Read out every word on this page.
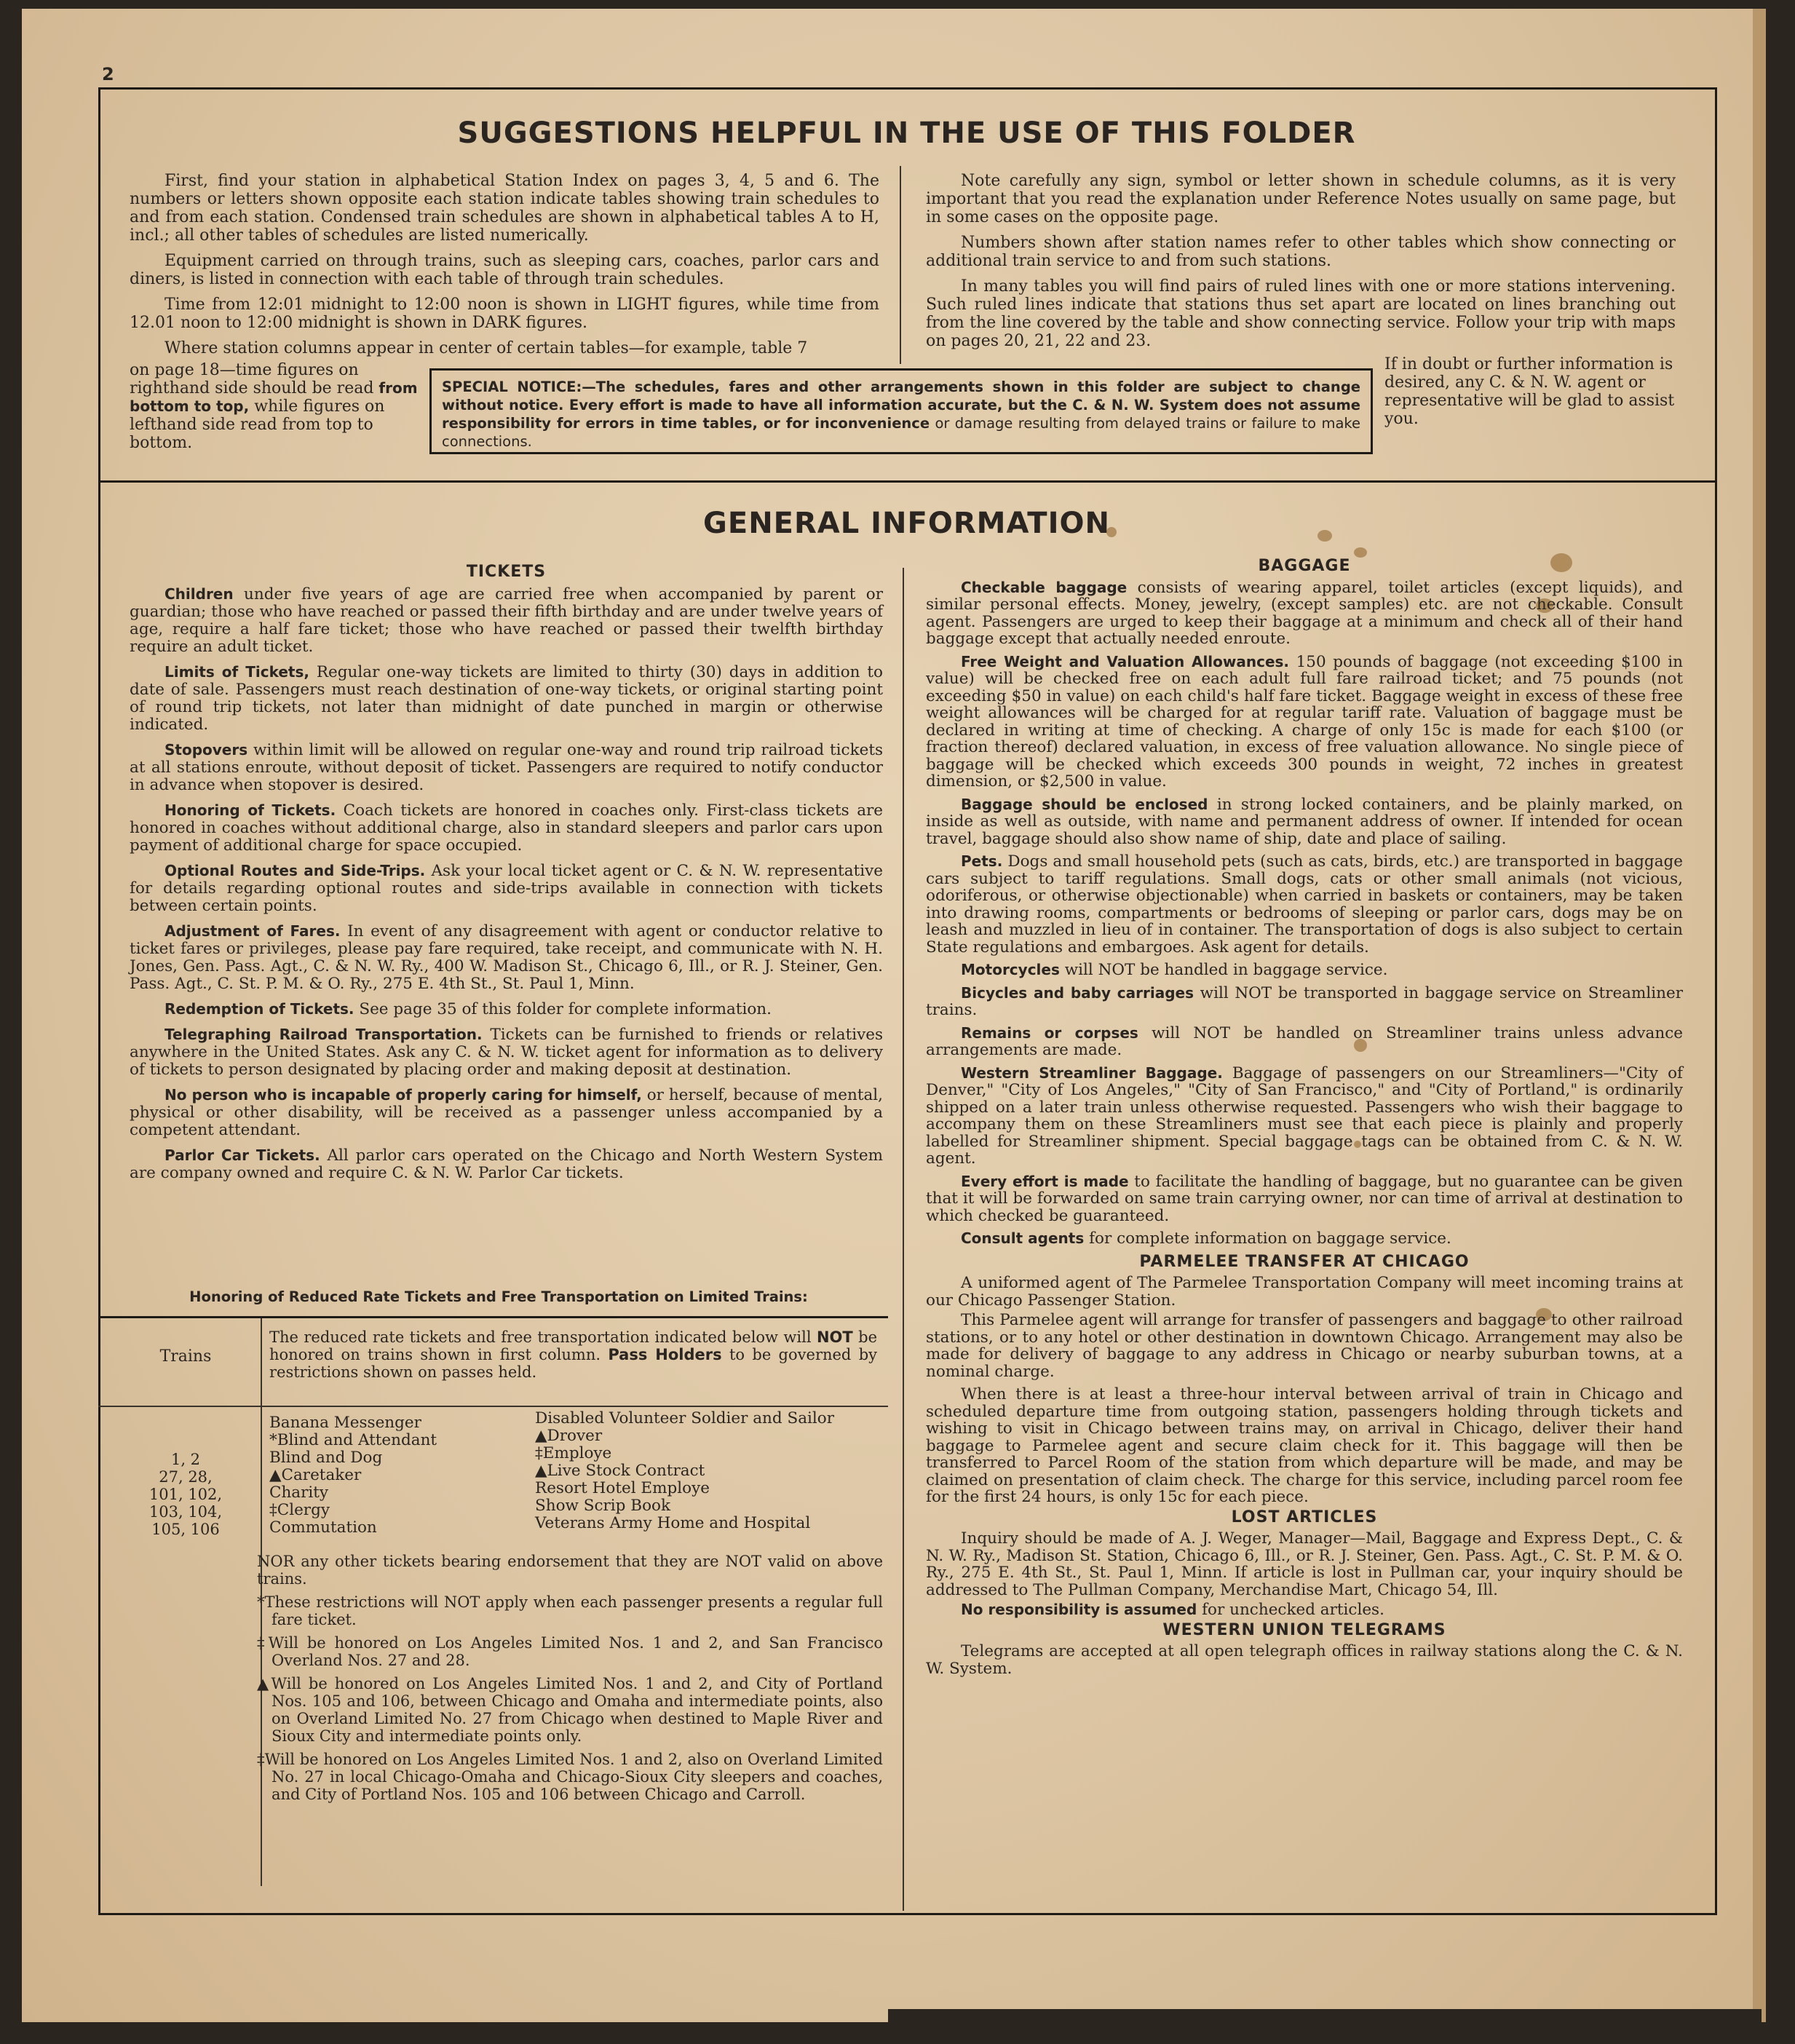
2
SUGGESTIONS HELPFUL IN THE USE OF THIS FOLDER

First, find your station in alphabetical Station Index on pages 3, 4, 5 and 6. The numbers or letters shown opposite each station indicate tables showing train schedules to and from each station. Condensed train schedules are shown in alphabetical tables A to H, incl.; all other tables of schedules are listed numerically.

Equipment carried on through trains, such as sleeping cars, coaches, parlor cars and diners, is listed in connection with each table of through train schedules.

Time from 12:01 midnight to 12:00 noon is shown in LIGHT figures, while time from 12.01 noon to 12:00 midnight is shown in DARK figures.

Where station columns appear in center of certain tables—for example, table 7

on page 18—time figures on righthand side should be read from bottom to top, while figures on lefthand side read from top to bottom.

Note carefully any sign, symbol or letter shown in schedule columns, as it is very important that you read the explanation under Reference Notes usually on same page, but in some cases on the opposite page.

Numbers shown after station names refer to other tables which show connecting or additional train service to and from such stations.

In many tables you will find pairs of ruled lines with one or more stations intervening. Such ruled lines indicate that stations thus set apart are located on lines branching out from the line covered by the table and show connecting service. Follow your trip with maps on pages 20, 21, 22 and 23.

If in doubt or further information is desired, any C. & N. W. agent or representative will be glad to assist you.
SPECIAL NOTICE:—The schedules, fares and other arrangements shown in this folder are subject to change without notice. Every effort is made to have all information accurate, but the C. & N. W. System does not assume responsibility for errors in time tables, or for inconvenience or damage resulting from delayed trains or failure to make connections.
GENERAL INFORMATION
TICKETS

Children under five years of age are carried free when accompanied by parent or guardian; those who have reached or passed their fifth birthday and are under twelve years of age, require a half fare ticket; those who have reached or passed their twelfth birthday require an adult ticket.

Limits of Tickets, Regular one-way tickets are limited to thirty (30) days in addition to date of sale. Passengers must reach destination of one-way tickets, or original starting point of round trip tickets, not later than midnight of date punched in margin or otherwise indicated.

Stopovers within limit will be allowed on regular one-way and round trip railroad tickets at all stations enroute, without deposit of ticket. Passengers are required to notify conductor in advance when stopover is desired.

Honoring of Tickets. Coach tickets are honored in coaches only. First-class tickets are honored in coaches without additional charge, also in standard sleepers and parlor cars upon payment of additional charge for space occupied.

Optional Routes and Side-Trips. Ask your local ticket agent or C. & N. W. representative for details regarding optional routes and side-trips available in connection with tickets between certain points.

Adjustment of Fares. In event of any disagreement with agent or conductor relative to ticket fares or privileges, please pay fare required, take receipt, and communicate with N. H. Jones, Gen. Pass. Agt., C. & N. W. Ry., 400 W. Madison St., Chicago 6, Ill., or R. J. Steiner, Gen. Pass. Agt., C. St. P. M. & O. Ry., 275 E. 4th St., St. Paul 1, Minn.

Redemption of Tickets. See page 35 of this folder for complete information.

Telegraphing Railroad Transportation. Tickets can be furnished to friends or relatives anywhere in the United States. Ask any C. & N. W. ticket agent for information as to delivery of tickets to person designated by placing order and making deposit at destination.

No person who is incapable of properly caring for himself, or herself, because of mental, physical or other disability, will be received as a passenger unless accompanied by a competent attendant.

Parlor Car Tickets. All parlor cars operated on the Chicago and North Western System are company owned and require C. & N. W. Parlor Car tickets.

Honoring of Reduced Rate Tickets and Free Transportation on Limited Trains:
Trains
The reduced rate tickets and free transportation indicated below will NOT be honored on trains shown in first column. Pass Holders to be governed by restrictions shown on passes held.
1, 2
27, 28,
101, 102,
103, 104,
105, 106
Banana Messenger
*Blind and Attendant
Blind and Dog
▲Caretaker
Charity
‡Clergy
Commutation
Disabled Volunteer Soldier and Sailor
▲Drover
‡Employe
▲Live Stock Contract
Resort Hotel Employe
Show Scrip Book
Veterans Army Home and Hospital
NOR any other tickets bearing endorsement that they are NOT valid on above trains.
*These restrictions will NOT apply when each passenger presents a regular full fare ticket.
‡Will be honored on Los Angeles Limited Nos. 1 and 2, and San Francisco Overland Nos. 27 and 28.
▲Will be honored on Los Angeles Limited Nos. 1 and 2, and City of Portland Nos. 105 and 106, between Chicago and Omaha and intermediate points, also on Overland Limited No. 27 from Chicago when destined to Maple River and Sioux City and intermediate points only.
‡Will be honored on Los Angeles Limited Nos. 1 and 2, also on Overland Limited No. 27 in local Chicago-Omaha and Chicago-Sioux City sleepers and coaches, and City of Portland Nos. 105 and 106 between Chicago and Carroll.
BAGGAGE

Checkable baggage consists of wearing apparel, toilet articles (except liquids), and similar personal effects. Money, jewelry, (except samples) etc. are not checkable. Consult agent. Passengers are urged to keep their baggage at a minimum and check all of their hand baggage except that actually needed enroute.

Free Weight and Valuation Allowances. 150 pounds of baggage (not exceeding $100 in value) will be checked free on each adult full fare railroad ticket; and 75 pounds (not exceeding $50 in value) on each child's half fare ticket. Baggage weight in excess of these free weight allowances will be charged for at regular tariff rate. Valuation of baggage must be declared in writing at time of checking. A charge of only 15c is made for each $100 (or fraction thereof) declared valuation, in excess of free valuation allowance. No single piece of baggage will be checked which exceeds 300 pounds in weight, 72 inches in greatest dimension, or $2,500 in value.

Baggage should be enclosed in strong locked containers, and be plainly marked, on inside as well as outside, with name and permanent address of owner. If intended for ocean travel, baggage should also show name of ship, date and place of sailing.

Pets. Dogs and small household pets (such as cats, birds, etc.) are transported in baggage cars subject to tariff regulations. Small dogs, cats or other small animals (not vicious, odoriferous, or otherwise objectionable) when carried in baskets or containers, may be taken into drawing rooms, compartments or bedrooms of sleeping or parlor cars, dogs may be on leash and muzzled in lieu of in container. The transportation of dogs is also subject to certain State regulations and embargoes. Ask agent for details.

Motorcycles will NOT be handled in baggage service.

Bicycles and baby carriages will NOT be transported in baggage service on Streamliner trains.

Remains or corpses will NOT be handled on Streamliner trains unless advance arrangements are made.

Western Streamliner Baggage. Baggage of passengers on our Streamliners—"City of Denver," "City of Los Angeles," "City of San Francisco," and "City of Portland," is ordinarily shipped on a later train unless otherwise requested. Passengers who wish their baggage to accompany them on these Streamliners must see that each piece is plainly and properly labelled for Streamliner shipment. Special baggage tags can be obtained from C. & N. W. agent.

Every effort is made to facilitate the handling of baggage, but no guarantee can be given that it will be forwarded on same train carrying owner, nor can time of arrival at destination to which checked be guaranteed.

Consult agents for complete information on baggage service.

PARMELEE TRANSFER AT CHICAGO

A uniformed agent of The Parmelee Transportation Company will meet incoming trains at our Chicago Passenger Station.

This Parmelee agent will arrange for transfer of passengers and baggage to other railroad stations, or to any hotel or other destination in downtown Chicago. Arrangement may also be made for delivery of baggage to any address in Chicago or nearby suburban towns, at a nominal charge.

When there is at least a three-hour interval between arrival of train in Chicago and scheduled departure time from outgoing station, passengers holding through tickets and wishing to visit in Chicago between trains may, on arrival in Chicago, deliver their hand baggage to Parmelee agent and secure claim check for it. This baggage will then be transferred to Parcel Room of the station from which departure will be made, and may be claimed on presentation of claim check. The charge for this service, including parcel room fee for the first 24 hours, is only 15c for each piece.

LOST ARTICLES

Inquiry should be made of A. J. Weger, Manager—Mail, Baggage and Express Dept., C. & N. W. Ry., Madison St. Station, Chicago 6, Ill., or R. J. Steiner, Gen. Pass. Agt., C. St. P. M. & O. Ry., 275 E. 4th St., St. Paul 1, Minn. If article is lost in Pullman car, your inquiry should be addressed to The Pullman Company, Merchandise Mart, Chicago 54, Ill.

No responsibility is assumed for unchecked articles.

WESTERN UNION TELEGRAMS

Telegrams are accepted at all open telegraph offices in railway stations along the C. & N. W. System.
